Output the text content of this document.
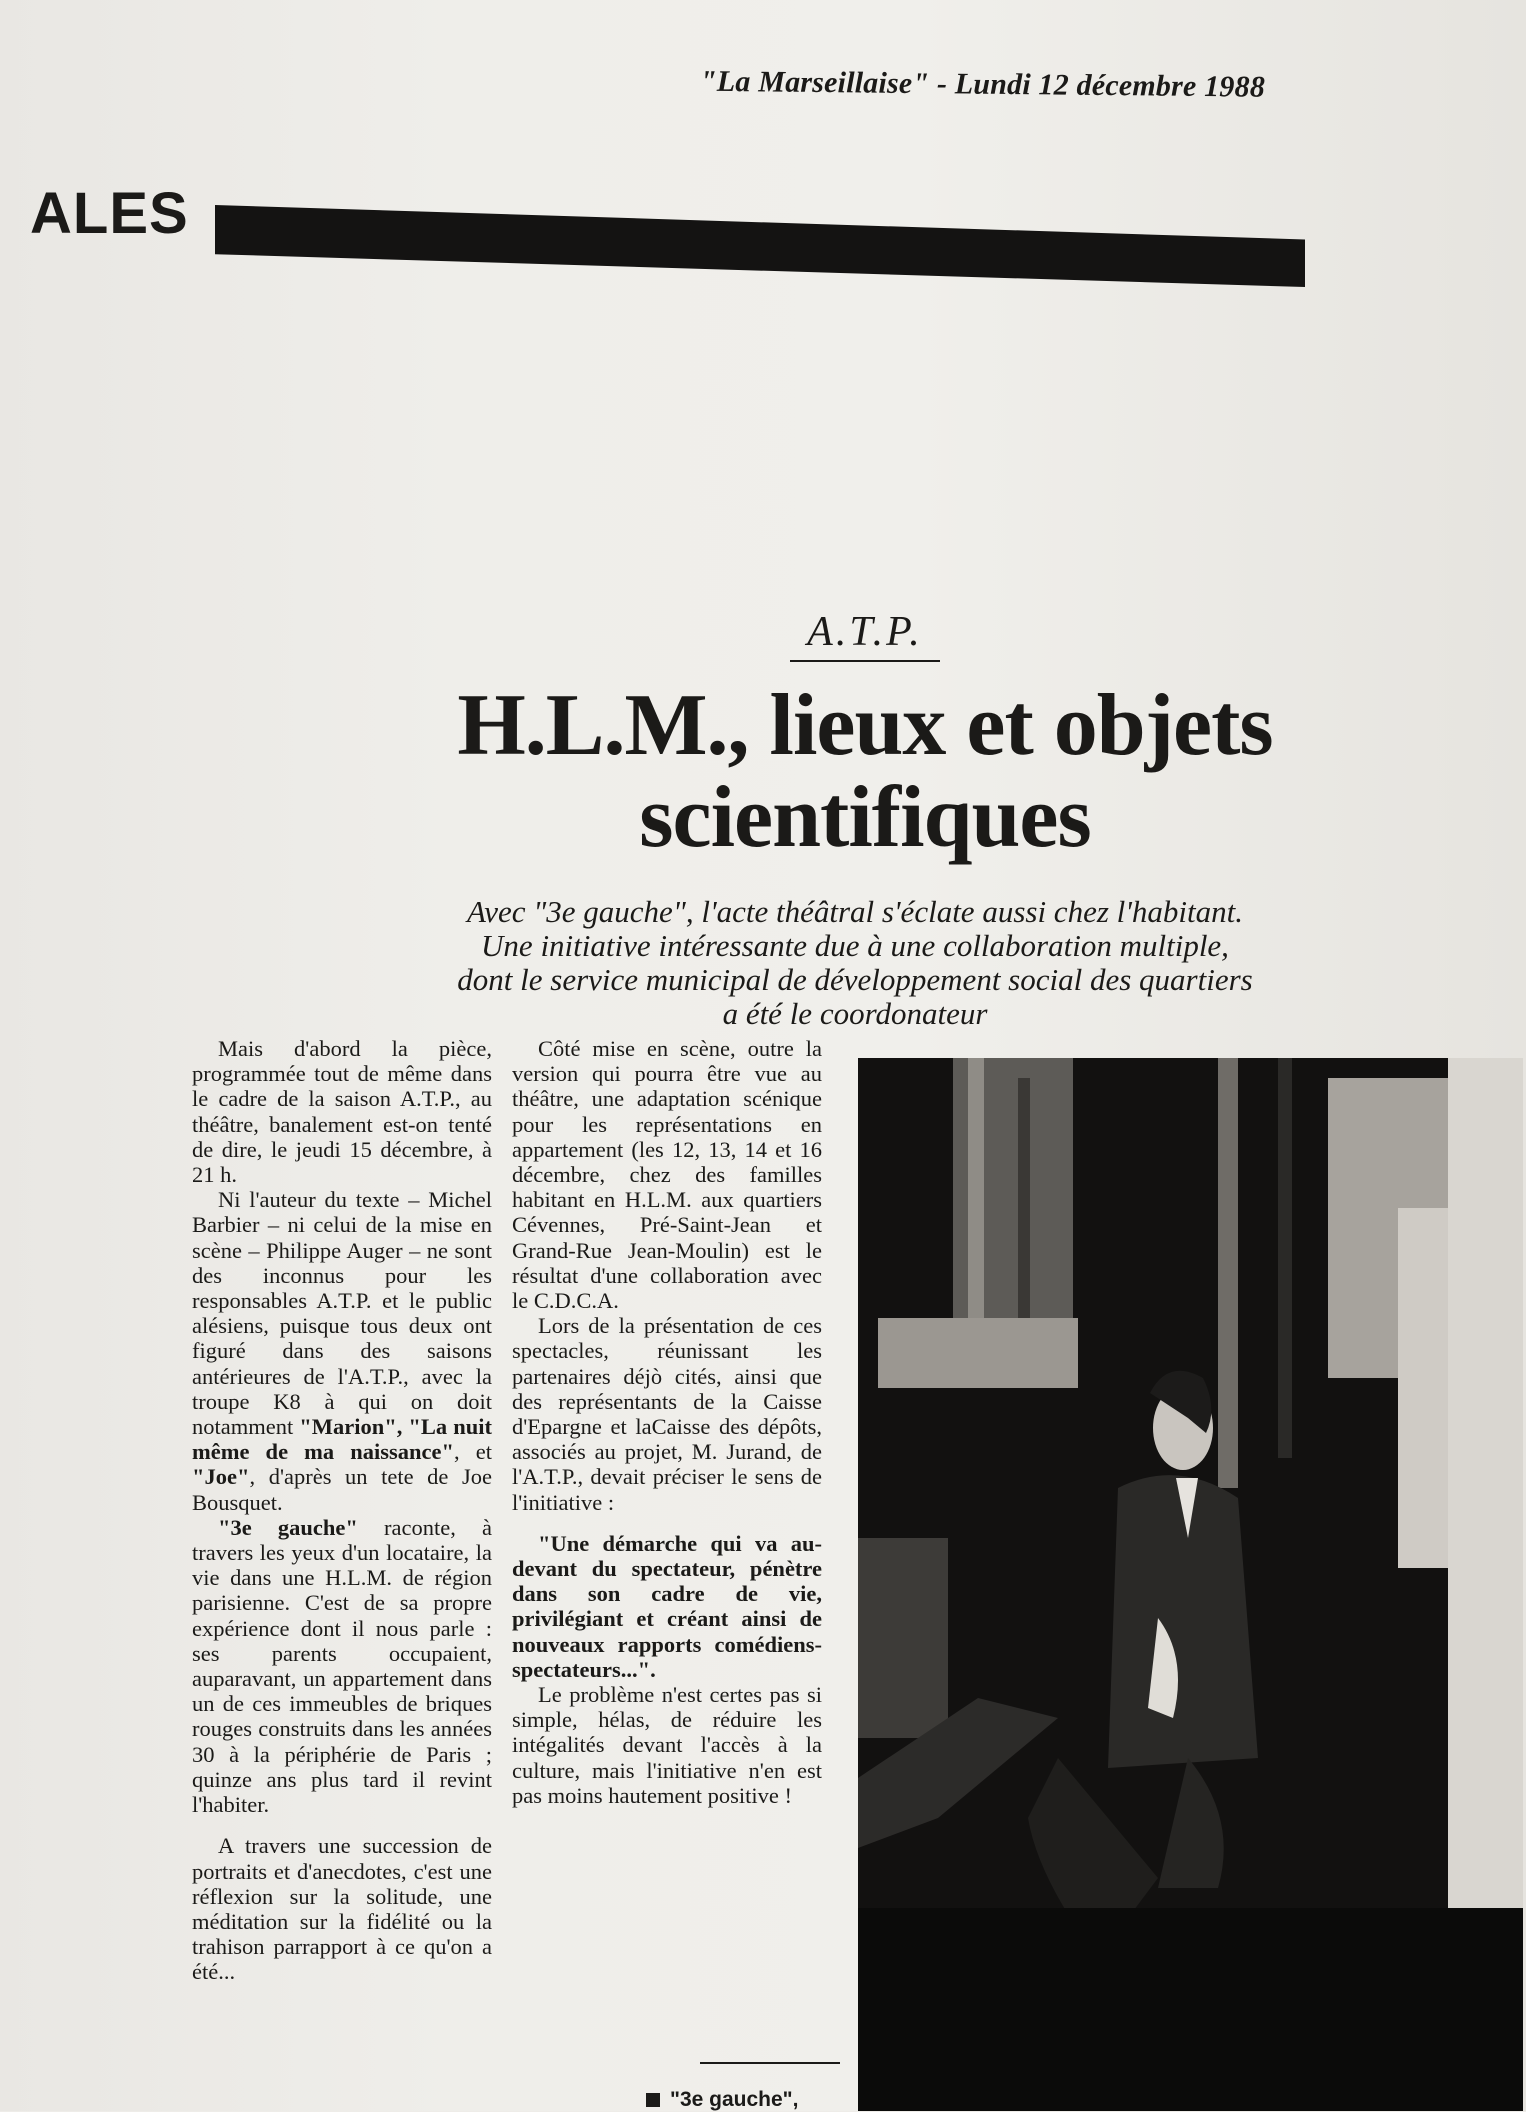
"La Marseillaise" - Lundi 12 décembre 1988
ALES
A.T.P.
H.L.M., lieux et objets
scientifiques
Avec "3e gauche", l'acte théâtral s'éclate aussi chez l'habitant.
Une initiative intéressante due à une collaboration multiple,
dont le service municipal de développement social des quartiers
a été le coordonateur

Mais d'abord la pièce, programmée tout de même dans le cadre de la saison A.T.P., au théâtre, banalement est-on tenté de dire, le jeudi 15 décembre, à 21 h.

Ni l'auteur du texte – Michel Barbier – ni celui de la mise en scène – Philippe Auger – ne sont des inconnus pour les responsables A.T.P. et le public alésiens, puisque tous deux ont figuré dans des saisons antérieures de l'A.T.P., avec la troupe K8 à qui on doit notamment "Marion", "La nuit même de ma naissance", et "Joe", d'après un tete de Joe Bousquet.

"3e gauche" raconte, à travers les yeux d'un locataire, la vie dans une H.L.M. de région parisienne. C'est de sa propre expérience dont il nous parle : ses parents occupaient, auparavant, un appartement dans un de ces immeubles de briques rouges construits dans les années 30 à la périphérie de Paris ; quinze ans plus tard il revint l'habiter.

A travers une succession de portraits et d'anecdotes, c'est une réflexion sur la solitude, une méditation sur la fidélité ou la trahison parrapport à ce qu'on a été...

Côté mise en scène, outre la version qui pourra être vue au théâtre, une adaptation scénique pour les représentations en appartement (les 12, 13, 14 et 16 décembre, chez des familles habitant en H.L.M. aux quartiers Cévennes, Pré-Saint-Jean et Grand-Rue Jean-Moulin) est le résultat d'une collaboration avec le C.D.C.A.

Lors de la présentation de ces spectacles, réunissant les partenaires déjò cités, ainsi que des représentants de la Caisse d'Epargne et laCaisse des dépôts, associés au projet, M. Jurand, de l'A.T.P., devait préciser le sens de l'initiative :

"Une démarche qui va au-devant du spectateur, pénètre dans son cadre de vie, privilégiant et créant ainsi de nouveaux rapports comédiens-spectateurs...".

Le problème n'est certes pas si simple, hélas, de réduire les intégalités devant l'accès à la culture, mais l'initiative n'en est pas moins hautement positive !

"3e gauche",
